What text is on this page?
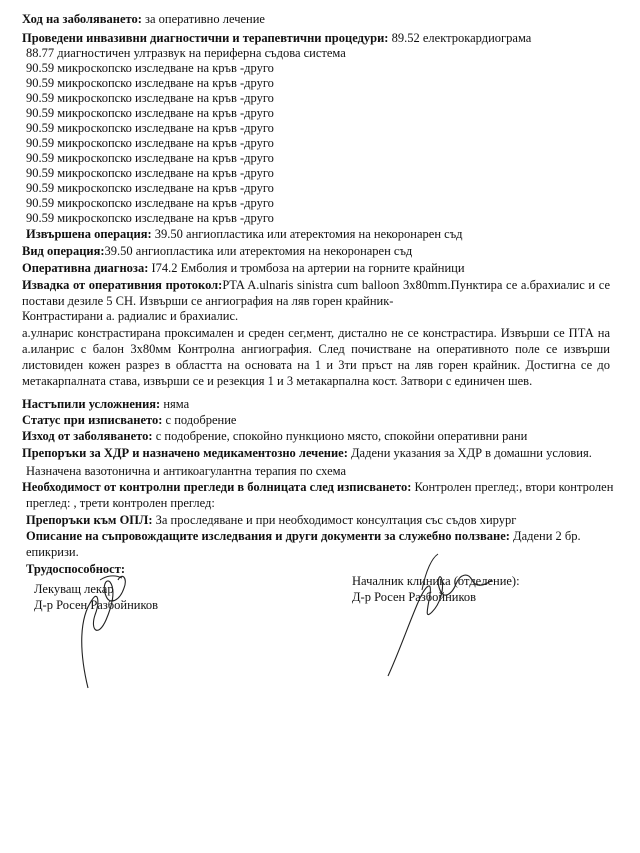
Ход на заболяването: за оперативно лечение
Проведени инвазивни диагностични и терапевтични процедури: 89.52 електрокардиограма
88.77 диагностичен ултразвук на периферна съдова система
90.59 микроскопско изследване на кръв -друго
90.59 микроскопско изследване на кръв -друго
90.59 микроскопско изследване на кръв -друго
90.59 микроскопско изследване на кръв -друго
90.59 микроскопско изследване на кръв -друго
90.59 микроскопско изследване на кръв -друго
90.59 микроскопско изследване на кръв -друго
90.59 микроскопско изследване на кръв -друго
90.59 микроскопско изследване на кръв -друго
90.59 микроскопско изследване на кръв -друго
90.59 микроскопско изследване на кръв -друго
Извършена операция: 39.50 ангиопластика или атеректомия на некоронарен съд
Вид операция:39.50 ангиопластика или атеректомия на некоронарен съд
Оперативна диагноза: I74.2 Емболия и тромбоза на артерии на горните крайници
Извадка от оперативния протокол:PTA A.ulnaris sinistra cum balloon 3x80mm.Пунктира се а.брахиалис и се постави дезиле 5 CH. Извърши се ангиография на ляв горен крайник-
Контрастирани а. радиалис и брахиалис.
а.улнарис констрастирана проксимален и среден сег,мент, дистално не се констрастира. Извърши се ПТА на а.иланрис с балон 3x80мм Контролна ангиография. След почистване на оперативното поле се извърши листовиден кожен разрез в областта на основата на 1 и 3ти пръст на ляв горен крайник. Достигна се до метакарпалната става, извърши се и резекция 1 и 3 метакарпална кост. Затвори с единичен шев.
Настъпили усложнения: няма
Статус при изписването: с подобрение
Изход от заболяването: с подобрение, спокойно пункционо място, спокойни оперативни рани
Препоръки за ХДР и назначено медикаментозно лечение: Дадени указания за ХДР в домашни условия.
Назначена вазотонична и антикоагулантна терапия по схема
Необходимост от контролни прегледи в болницата след изписването: Контролен преглед:, втори контролен
преглед: , трети контролен преглед:
Препоръки към ОПЛ: За проследяване и при необходимост консултация със съдов хирург
Описание на съпровождащите изследвания и други документи за служебно ползване: Дадени 2 бр.
епикризи.
Трудоспособност:
Лекуващ лекар
Д-р Росен Разбойников
Началник клиника (отделение):
Д-р Росен Разбойников
